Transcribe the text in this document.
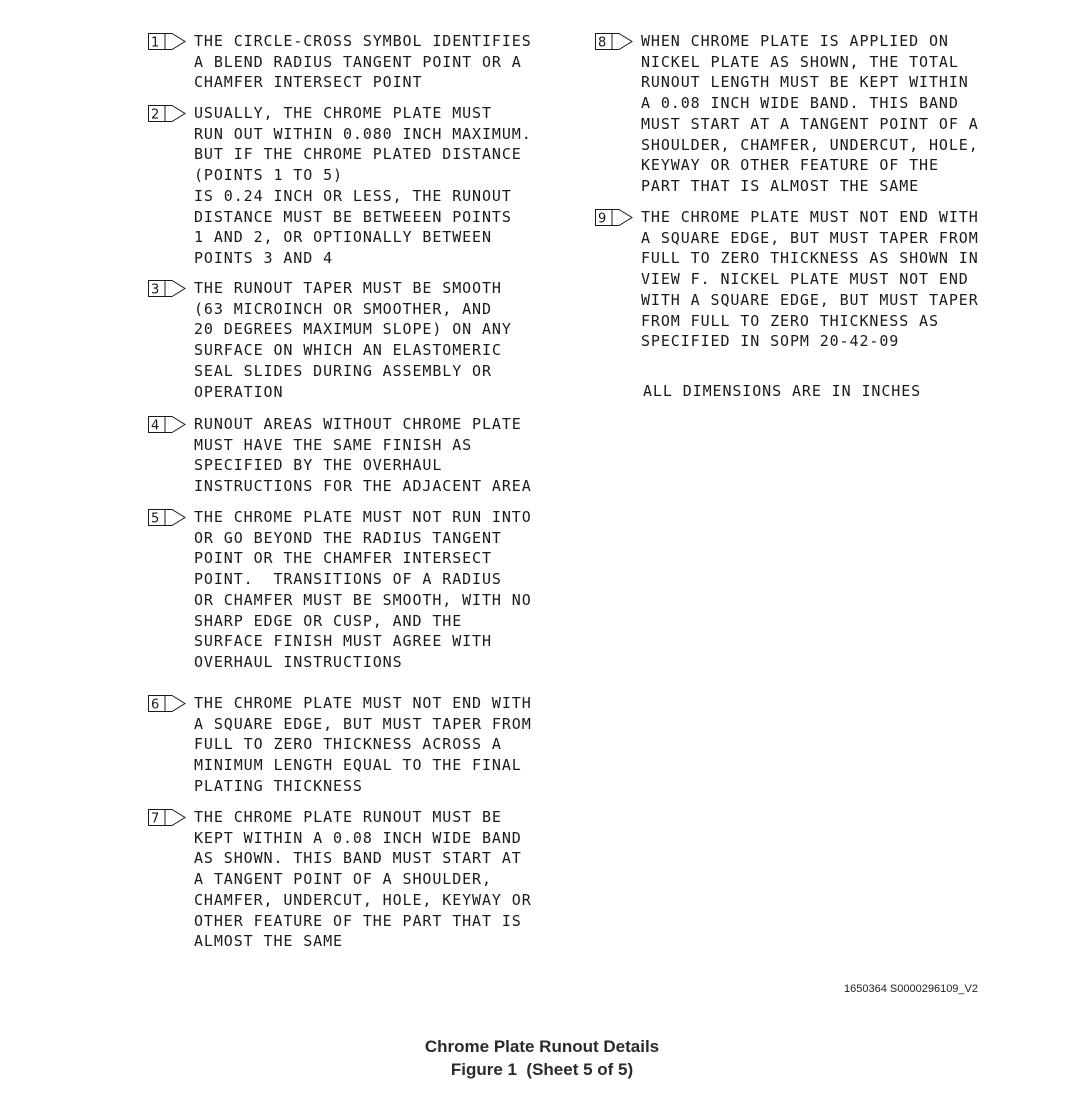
1 THE CIRCLE-CROSS SYMBOL IDENTIFIES
A BLEND RADIUS TANGENT POINT OR A
CHAMFER INTERSECT POINT
2 USUALLY, THE CHROME PLATE MUST
RUN OUT WITHIN 0.080 INCH MAXIMUM.
BUT IF THE CHROME PLATED DISTANCE
(POINTS 1 TO 5)
IS 0.24 INCH OR LESS, THE RUNOUT
DISTANCE MUST BE BETWEEEN POINTS
1 AND 2, OR OPTIONALLY BETWEEN
POINTS 3 AND 4
3 THE RUNOUT TAPER MUST BE SMOOTH
(63 MICROINCH OR SMOOTHER, AND
20 DEGREES MAXIMUM SLOPE) ON ANY
SURFACE ON WHICH AN ELASTOMERIC
SEAL SLIDES DURING ASSEMBLY OR
OPERATION
4 RUNOUT AREAS WITHOUT CHROME PLATE
MUST HAVE THE SAME FINISH AS
SPECIFIED BY THE OVERHAUL
INSTRUCTIONS FOR THE ADJACENT AREA
5 THE CHROME PLATE MUST NOT RUN INTO
OR GO BEYOND THE RADIUS TANGENT
POINT OR THE CHAMFER INTERSECT
POINT.  TRANSITIONS OF A RADIUS
OR CHAMFER MUST BE SMOOTH, WITH NO
SHARP EDGE OR CUSP, AND THE
SURFACE FINISH MUST AGREE WITH
OVERHAUL INSTRUCTIONS
6 THE CHROME PLATE MUST NOT END WITH
A SQUARE EDGE, BUT MUST TAPER FROM
FULL TO ZERO THICKNESS ACROSS A
MINIMUM LENGTH EQUAL TO THE FINAL
PLATING THICKNESS
7 THE CHROME PLATE RUNOUT MUST BE
KEPT WITHIN A 0.08 INCH WIDE BAND
AS SHOWN. THIS BAND MUST START AT
A TANGENT POINT OF A SHOULDER,
CHAMFER, UNDERCUT, HOLE, KEYWAY OR
OTHER FEATURE OF THE PART THAT IS
ALMOST THE SAME
8 WHEN CHROME PLATE IS APPLIED ON
NICKEL PLATE AS SHOWN, THE TOTAL
RUNOUT LENGTH MUST BE KEPT WITHIN
A 0.08 INCH WIDE BAND. THIS BAND
MUST START AT A TANGENT POINT OF A
SHOULDER, CHAMFER, UNDERCUT, HOLE,
KEYWAY OR OTHER FEATURE OF THE
PART THAT IS ALMOST THE SAME
9 THE CHROME PLATE MUST NOT END WITH
A SQUARE EDGE, BUT MUST TAPER FROM
FULL TO ZERO THICKNESS AS SHOWN IN
VIEW F. NICKEL PLATE MUST NOT END
WITH A SQUARE EDGE, BUT MUST TAPER
FROM FULL TO ZERO THICKNESS AS
SPECIFIED IN SOPM 20-42-09
ALL DIMENSIONS ARE IN INCHES
1650364 S0000296109_V2
Chrome Plate Runout Details
Figure 1  (Sheet 5 of 5)
